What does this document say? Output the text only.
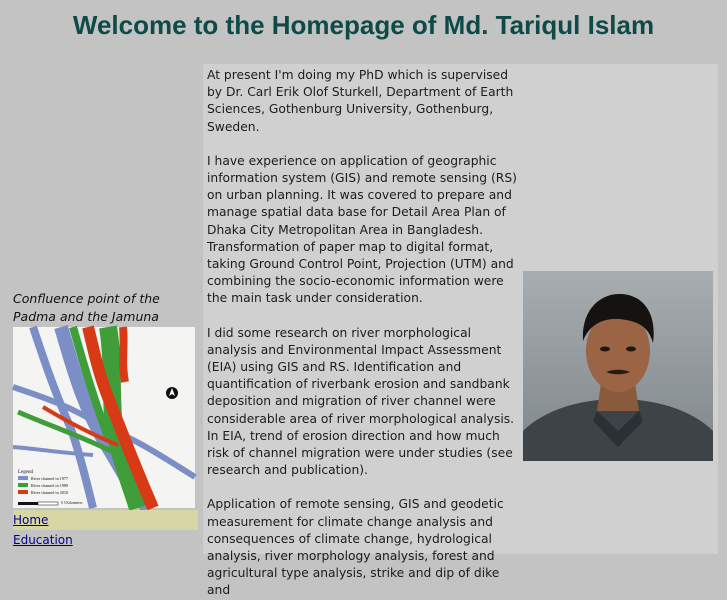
Welcome to the Homepage of Md. Tariqul Islam
Confluence point of the Padma and the Jamuna
Legend
River channel in 1977
River channel in 1989
River channel in 2010
0 5 Kilometers
Home
Education

At present I'm doing my PhD which is supervised by Dr. Carl Erik Olof Sturkell, Department of Earth Sciences, Gothenburg University, Gothenburg, Sweden.

I have experience on application of geographic information system (GIS) and remote sensing (RS) on urban planning. It was covered to prepare and manage spatial data base for Detail Area Plan of Dhaka City Metropolitan Area in Bangladesh. Transformation of paper map to digital format, taking Ground Control Point, Projection (UTM) and combining the socio-economic information were the main task under consideration.

I did some research on river morphological analysis and Environmental Impact Assessment (EIA) using GIS and RS. Identification and quantification of riverbank erosion and sandbank deposition and migration of river channel were considerable area of river morphological analysis. In EIA, trend of erosion direction and how much risk of channel migration were under studies (see research and publication).

Application of remote sensing, GIS and geodetic measurement for climate change analysis and consequences of climate change, hydrological analysis, river morphology analysis, forest and agricultural type analysis, strike and dip of dike and
